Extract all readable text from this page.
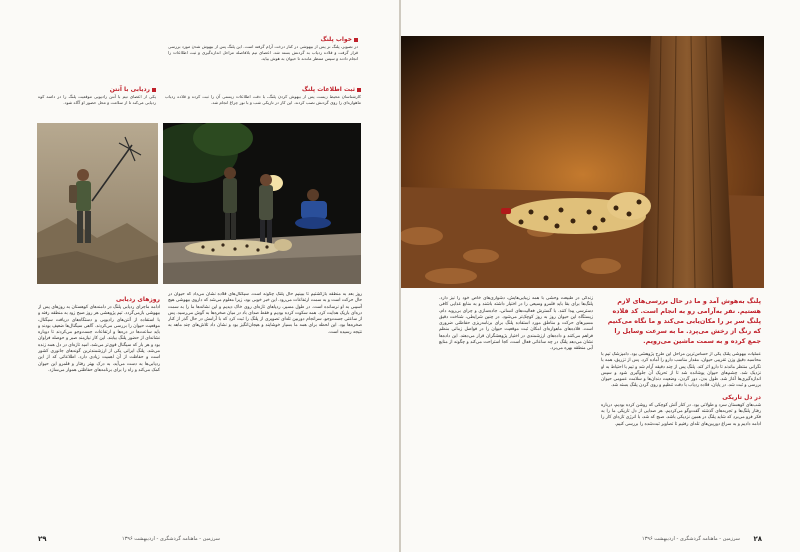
خواب پلنگ
در تصویر، پلنگ نر پس از بیهوشی در کنار درخت آرام گرفته است. این پلنگ پس از بیهوش شدن مورد بررسی قرار گرفت و قلاده ردیاب به گردنش بسته شد. اعضای تیم بلافاصله مراحل اندازه‌گیری و ثبت اطلاعات را انجام دادند و سپس منتظر ماندند تا حیوان به هوش بیاید.
ثبت اطلاعات پلنگ
کارشناسان محیط زیست پس از بیهوش کردن پلنگ، با دقت اطلاعات زیستی آن را ثبت کرده و قلاده ردیاب ماهواره‌ای را روی گردنش نصب کردند. این کار در تاریکی شب و با نور چراغ انجام شد.
ردیابی با آنتن
یکی از اعضای تیم با آنتن رادیویی موقعیت پلنگ را در دامنه کوه ردیابی می‌کند تا از سلامت و محل حضور او آگاه شود.
روزهای ردیابی
ادامه ماجرای ردیابی پلنگ در دامنه‌های کوهستان به روزهای پس از بیهوشی بازمی‌گردد. تیم پژوهشی هر روز صبح زود به منطقه رفته و با استفاده از آنتن‌های رادیویی و دستگاه‌های دریافت سیگنال، موقعیت حیوان را بررسی می‌کردند. گاهی سیگنال‌ها ضعیف بودند و باید ساعت‌ها در دره‌ها و ارتفاعات جست‌وجو می‌کردند تا دوباره نشانه‌ای از حضور پلنگ بیابند. این کار نیازمند صبر و حوصله فراوان بود و هر بار که سیگنال قوی‌تر می‌شد، امید تازه‌ای در دل همه زنده می‌شد. پلنگ ایرانی یکی از ارزشمندترین گونه‌های جانوری کشور است و حفاظت از آن اهمیت زیادی دارد. اطلاعاتی که از این ردیابی‌ها به دست می‌آید، به درک بهتر رفتار و قلمرو این حیوان کمک می‌کند و راه را برای برنامه‌های حفاظتی هموار می‌سازد.
روز بعد به منطقه بازگشتیم تا ببینیم حال پلنگ چگونه است. سیگنال‌های قلاده نشان می‌داد که حیوان در حال حرکت است و به سمت ارتفاعات می‌رود. این خبر خوبی بود، زیرا معلوم می‌شد که داروی بیهوشی هیچ آسیبی به او نرسانده است. در طول مسیر، ردپاهای تازه‌ای روی خاک دیدیم و این نشانه‌ها ما را به سمت دره‌ای باریک هدایت کرد. همه سکوت کرده بودیم و فقط صدای باد در میان صخره‌ها به گوش می‌رسید. پس از ساعتی جست‌وجو، سرانجام دوربین تله‌ای تصویری از پلنگ را ثبت کرد که با آرامش در حال گذر از کنار صخره‌ها بود. این لحظه برای همه ما بسیار خوشایند و هیجان‌انگیز بود و نشان داد تلاش‌های چند ماهه به نتیجه رسیده است.
۲۹	سرزمین - ماهنامه گردشگری - اردیبهشت ۱۳۹۶
پلنگ به‌هوش آمد و ما در حال بررسی‌های لازم هستیم. نفر به‌آرامی رو به انجام است. کد قلاده پلنگ سر بر را مکان‌یابی می‌کند و ما نگاه می‌کنیم که رنگ از رخش می‌پرد. ما به سرعت وسایل را جمع کرده و به سمت ماشین می‌رویم.
زندگی در طبیعت وحشی با همه زیبایی‌هایش، دشواری‌های خاص خود را نیز دارد. پلنگ‌ها برای بقا باید قلمرو وسیعی را در اختیار داشته باشند و به منابع غذایی کافی دسترسی پیدا کنند. با گسترش فعالیت‌های انسانی، جاده‌سازی و چرای بی‌رویه دام، زیستگاه این حیوان روز به روز کوچک‌تر می‌شود. در چنین شرایطی، شناخت دقیق مسیرهای حرکت و مناطق مورد استفاده پلنگ برای برنامه‌ریزی حفاظتی ضروری است. قلاده‌های ماهواره‌ای امکان ثبت موقعیت حیوان را در فواصل زمانی منظم فراهم می‌کنند و داده‌های ارزشمندی در اختیار پژوهشگران قرار می‌دهند. این داده‌ها نشان می‌دهد پلنگ در چه ساعاتی فعال است، کجا استراحت می‌کند و چگونه از منابع آبی منطقه بهره می‌برد.
عملیات بیهوشی پلنگ یکی از حساس‌ترین مراحل این طرح پژوهشی بود. دامپزشک تیم با محاسبه دقیق وزن تقریبی حیوان، مقدار مناسب دارو را آماده کرد. پس از تزریق، همه با نگرانی منتظر ماندند تا دارو اثر کند. پلنگ پس از چند دقیقه آرام شد و تیم با احتیاط به او نزدیک شد. چشم‌های حیوان پوشانده شد تا از تحریک آن جلوگیری شود و سپس اندازه‌گیری‌ها آغاز شد. طول بدن، دور گردن، وضعیت دندان‌ها و سلامت عمومی حیوان بررسی و ثبت شد. در پایان، قلاده ردیاب با دقت تنظیم و روی گردن پلنگ بسته شد.
در دل تاریکی
شب‌های کوهستان سرد و طولانی بود. در کنار آتش کوچکی که روشن کرده بودیم، درباره رفتار پلنگ‌ها و تجربه‌های گذشته گفت‌وگو می‌کردیم. هر صدایی از دل تاریکی ما را به فکر فرو می‌برد که شاید پلنگ در همین نزدیکی باشد. صبح که شد، با انرژی تازه‌ای کار را ادامه دادیم و به سراغ دوربین‌های تله‌ای رفتیم تا تصاویر ثبت‌شده را بررسی کنیم.
۲۸
سرزمین - ماهنامه گردشگری - اردیبهشت ۱۳۹۶
